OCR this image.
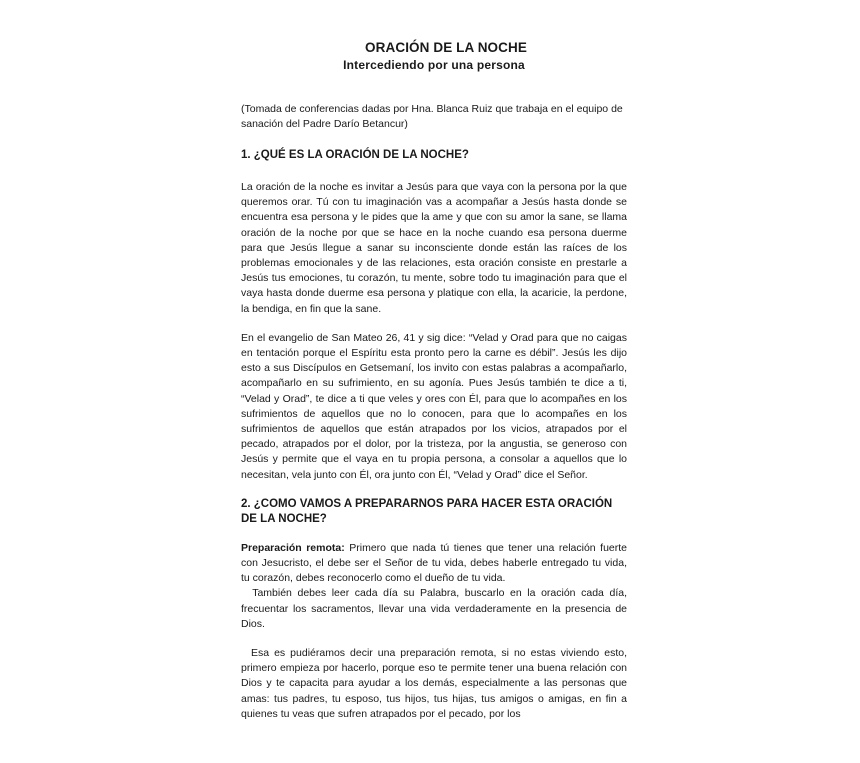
ORACIÓN DE LA NOCHE
Intercediendo por una persona

(Tomada de conferencias dadas por Hna. Blanca Ruiz que trabaja en el equipo de sanación del Padre Darío Betancur)

1. ¿QUÉ ES LA ORACIÓN DE LA NOCHE?

La oración de la noche es invitar a Jesús para que vaya con la persona por la que queremos orar. Tú con tu imaginación vas a acompañar a Jesús hasta donde se encuentra esa persona y le pides que la ame y que con su amor la sane, se llama oración de la noche por que se hace en la noche cuando esa persona duerme para que Jesús llegue a sanar su inconsciente donde están las raíces de los problemas emocionales y de las relaciones, esta oración consiste en prestarle a Jesús tus emociones, tu corazón, tu mente, sobre todo tu imaginación para que el vaya hasta donde duerme esa persona y platique con ella, la acaricie, la perdone, la bendiga, en fin que la sane.

En el evangelio de San Mateo 26, 41 y sig dice: “Velad y Orad para que no caigas en tentación porque el Espíritu esta pronto pero la carne es débil”. Jesús les dijo esto a sus Discípulos en Getsemaní, los invito con estas palabras a acompañarlo, acompañarlo en su sufrimiento, en su agonía. Pues Jesús también te dice a ti, “Velad y Orad”, te dice a ti que veles y ores con Él, para que lo acompañes en los sufrimientos de aquellos que no lo conocen, para que lo acompañes en los sufrimientos de aquellos que están atrapados por los vicios, atrapados por el pecado, atrapados por el dolor, por la tristeza, por la angustia, se generoso con Jesús y permite que el vaya en tu propia persona, a consolar a aquellos que lo necesitan, vela junto con Él, ora junto con Él, “Velad y Orad” dice el Señor.

2. ¿COMO VAMOS A PREPARARNOS PARA HACER ESTA ORACIÓN DE LA NOCHE?

Preparación remota: Primero que nada tú tienes que tener una relación fuerte con Jesucristo, el debe ser el Señor de tu vida, debes haberle entregado tu vida, tu corazón, debes reconocerlo como el dueño de tu vida.

También debes leer cada día su Palabra, buscarlo en la oración cada día, frecuentar los sacramentos, llevar una vida verdaderamente en la presencia de Dios.

Esa es pudiéramos decir una preparación remota, si no estas viviendo esto, primero empieza por hacerlo, porque eso te permite tener una buena relación con Dios y te capacita para ayudar a los demás, especialmente a las personas que amas: tus padres, tu esposo, tus hijos, tus hijas, tus amigos o amigas, en fin a quienes tu veas que sufren atrapados por el pecado, por los
